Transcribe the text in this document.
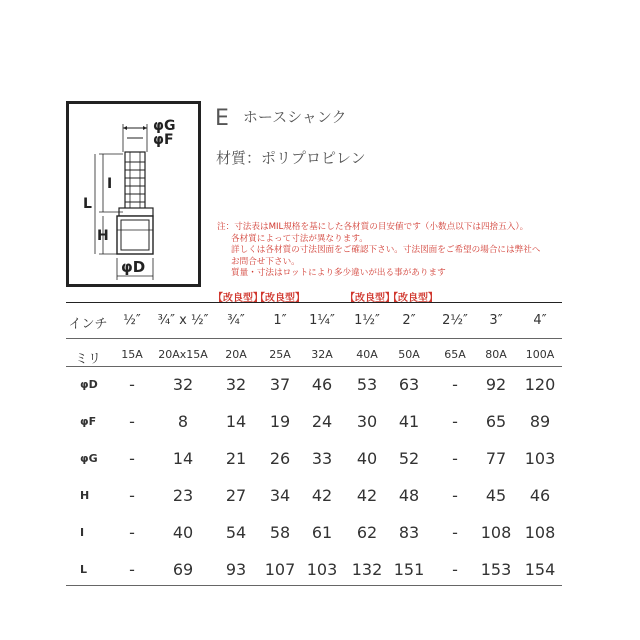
φG
φF
I
L
H
φD
E ホースシャンク
材質：ポリプロピレン
注：寸法表はMIL規格を基にした各材質の目安値です（小数点以下は四捨五入）。
各材質によって寸法が異なります。
詳しくは各材質の寸法図面をご確認下さい。寸法図面をご希望の場合には弊社へ
お問合せ下さい。
質量・寸法はロットにより多少違いが出る事があります
【改良型】
【改良型】	【改良型】
【改良型】
インチ ½″ ¾″ x ½″ ¾″ 1″ 1¼″ 1½″ 2″ 2½″ 3″ 4″
ミリ 15A 20Ax15A 20A 25A 32A 40A 50A 65A 80A 100A
φD - 32 32 37 46 53 63 - 92 120
φF -	8 14 19 24 30 41 - 65 89
φG - 14 21 26 33 40 52 - 77 103
H - 23 27 34 42 42 48 - 45 46
I	- 40 54 58 61 62 83 - 108 108
L	- 69 93 107 103 132 151 - 153 154
